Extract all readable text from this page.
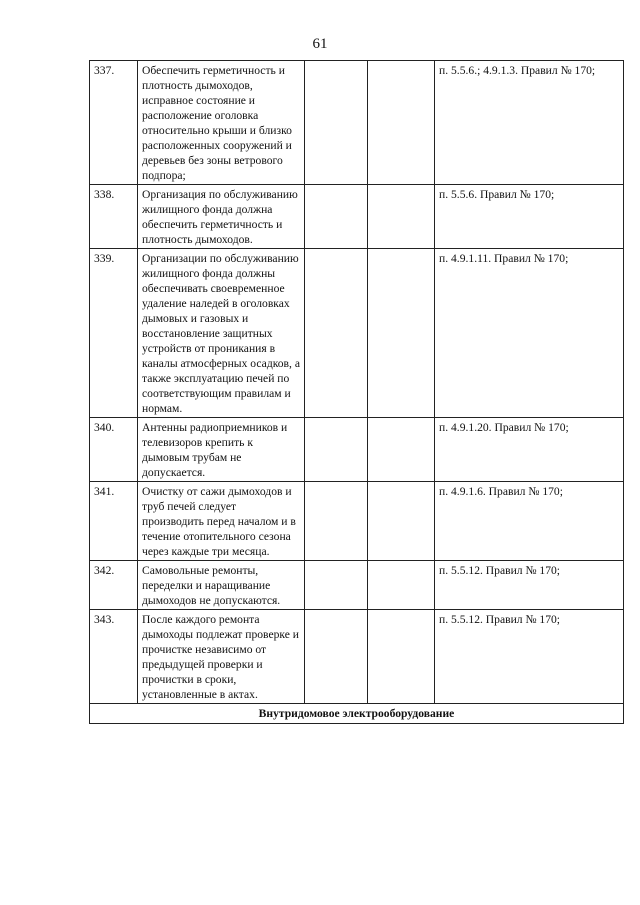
61
337.	Обеспечить герметичность и плотность дымоходов, исправное состояние и расположение оголовка относительно крыши и близко расположенных сооружений и деревьев без зоны ветрового подпора;			п. 5.5.6.; 4.9.1.3. Правил № 170;
338.	Организация по обслуживанию жилищного фонда должна обеспечить герметичность и плотность дымоходов.			п. 5.5.6. Правил № 170;
339.	Организации по обслуживанию жилищного фонда должны обеспечивать своевременное удаление наледей в оголовках дымовых и газовых и восстановление защитных устройств от проникания в каналы атмосферных осадков, а также эксплуатацию печей по соответствующим правилам и нормам.			п. 4.9.1.11. Правил № 170;
340.	Антенны радиоприемников и телевизоров крепить к дымовым трубам не допускается.			п. 4.9.1.20. Правил № 170;
341.	Очистку от сажи дымоходов и труб печей следует производить перед началом и в течение отопительного сезона через каждые три месяца.			п. 4.9.1.6. Правил № 170;
342.	Самовольные ремонты, переделки и наращивание дымоходов не допускаются.			п. 5.5.12. Правил № 170;
343.	После каждого ремонта дымоходы подлежат проверке и прочистке независимо от предыдущей проверки и прочистки в сроки, установленные в актах.			п. 5.5.12. Правил № 170;
Внутридомовое электрооборудование				
